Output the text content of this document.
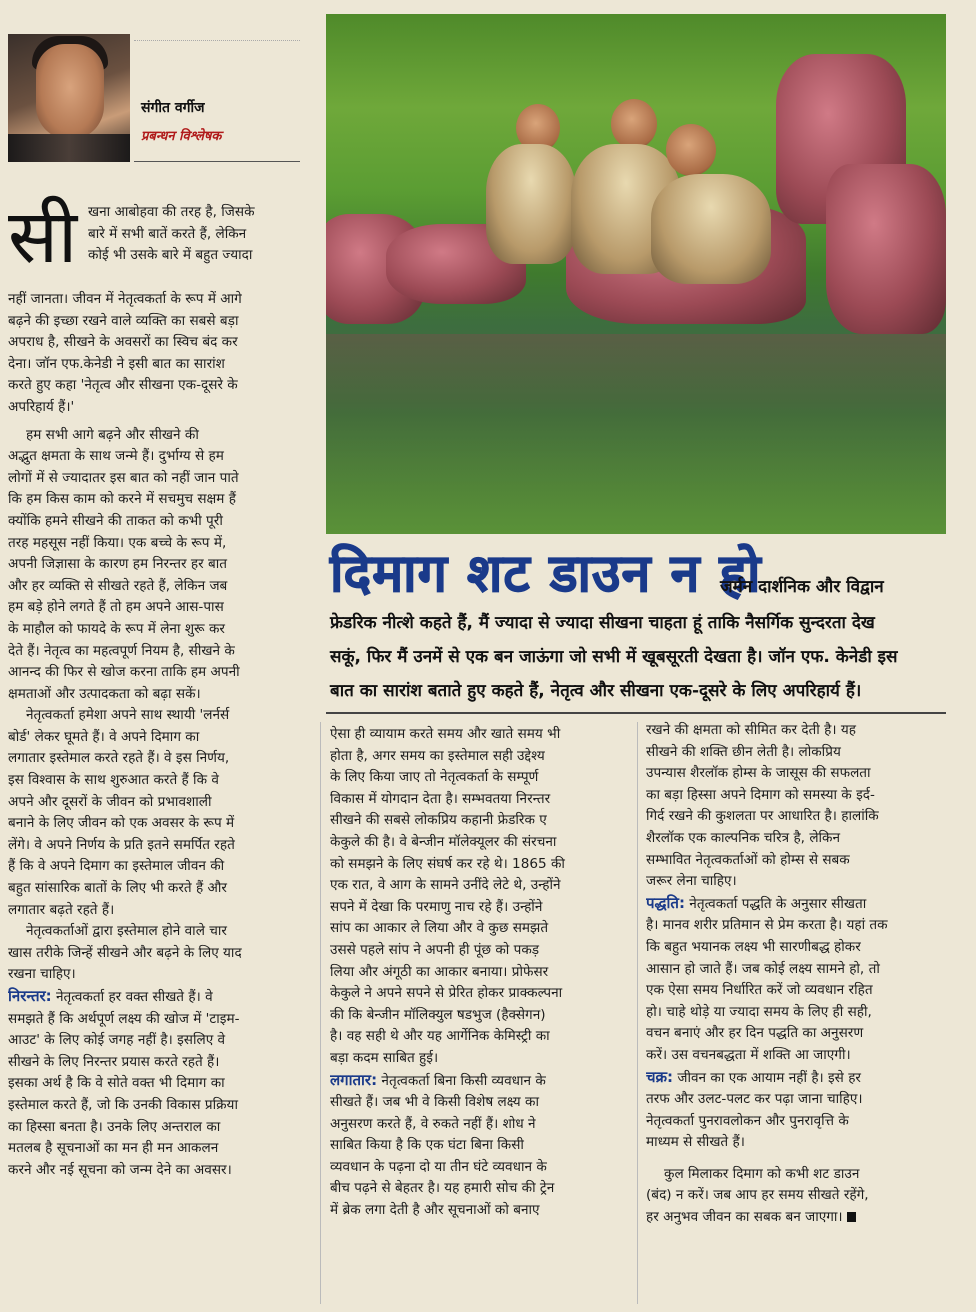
संगीत वर्गीज
प्रबन्धन विश्लेषक
दिमाग शट डाउन न हो
जर्मन दार्शनिक और विद्वान
फ्रेडरिक नीत्शे कहते हैं, मैं ज्यादा से ज्यादा सीखना चाहता हूं ताकि नैसर्गिक सुन्दरता देख
सकूं, फिर मैं उनमें से एक बन जाऊंगा जो सभी में खूबसूरती देखता है। जॉन एफ. केनेडी इस
बात का सारांश बताते हुए कहते हैं, नेतृत्व और सीखना एक-दूसरे के लिए अपरिहार्य हैं।
सी खना आबोहवा की तरह है, जिसके
बारे में सभी बातें करते हैं, लेकिन
कोई भी उसके बारे में बहुत ज्यादा
नहीं जानता। जीवन में नेतृत्वकर्ता के रूप में आगे
बढ़ने की इच्छा रखने वाले व्यक्ति का सबसे बड़ा
अपराध है, सीखने के अवसरों का स्विच बंद कर
देना। जॉन एफ.केनेडी ने इसी बात का सारांश
करते हुए कहा 'नेतृत्व और सीखना एक-दूसरे के
अपरिहार्य हैं।'
हम सभी आगे बढ़ने और सीखने की
अद्भुत क्षमता के साथ जन्मे हैं। दुर्भाग्य से हम
लोगों में से ज्यादातर इस बात को नहीं जान पाते
कि हम किस काम को करने में सचमुच सक्षम हैं
क्योंकि हमने सीखने की ताकत को कभी पूरी
तरह महसूस नहीं किया। एक बच्चे के रूप में,
अपनी जिज्ञासा के कारण हम निरन्तर हर बात
और हर व्यक्ति से सीखते रहते हैं, लेकिन जब
हम बड़े होने लगते हैं तो हम अपने आस-पास
के माहौल को फायदे के रूप में लेना शुरू कर
देते हैं। नेतृत्व का महत्वपूर्ण नियम है, सीखने के
आनन्द की फिर से खोज करना ताकि हम अपनी
क्षमताओं और उत्पादकता को बढ़ा सकें।
नेतृत्वकर्ता हमेशा अपने साथ स्थायी 'लर्नर्स
बोर्ड' लेकर घूमते हैं। वे अपने दिमाग का
लगातार इस्तेमाल करते रहते हैं। वे इस निर्णय,
इस विश्वास के साथ शुरुआत करते हैं कि वे
अपने और दूसरों के जीवन को प्रभावशाली
बनाने के लिए जीवन को एक अवसर के रूप में
लेंगे। वे अपने निर्णय के प्रति इतने समर्पित रहते
हैं कि वे अपने दिमाग का इस्तेमाल जीवन की
बहुत सांसारिक बातों के लिए भी करते हैं और
लगातार बढ़ते रहते हैं।
नेतृत्वकर्ताओं द्वारा इस्तेमाल होने वाले चार
खास तरीके जिन्हें सीखने और बढ़ने के लिए याद
रखना चाहिए।
निरन्तर: नेतृत्वकर्ता हर वक्त सीखते हैं। वे
समझते हैं कि अर्थपूर्ण लक्ष्य की खोज में 'टाइम-
आउट' के लिए कोई जगह नहीं है। इसलिए वे
सीखने के लिए निरन्तर प्रयास करते रहते हैं।
इसका अर्थ है कि वे सोते वक्त भी दिमाग का
इस्तेमाल करते हैं, जो कि उनकी विकास प्रक्रिया
का हिस्सा बनता है। उनके लिए अन्तराल का
मतलब है सूचनाओं का मन ही मन आकलन
करने और नई सूचना को जन्म देने का अवसर।
ऐसा ही व्यायाम करते समय और खाते समय भी
होता है, अगर समय का इस्तेमाल सही उद्देश्य
के लिए किया जाए तो नेतृत्वकर्ता के सम्पूर्ण
विकास में योगदान देता है। सम्भवतया निरन्तर
सीखने की सबसे लोकप्रिय कहानी फ्रेडरिक ए
केकुले की है। वे बेन्जीन मॉलेक्यूलर की संरचना
को समझने के लिए संघर्ष कर रहे थे। 1865 की
एक रात, वे आग के सामने उनींदे लेटे थे, उन्होंने
सपने में देखा कि परमाणु नाच रहे हैं। उन्होंने
सांप का आकार ले लिया और वे कुछ समझते
उससे पहले सांप ने अपनी ही पूंछ को पकड़
लिया और अंगूठी का आकार बनाया। प्रोफेसर
केकुले ने अपने सपने से प्रेरित होकर प्राक्कल्पना
की कि बेन्जीन मॉलिक्युल षडभुज (हैक्सेगन)
है। वह सही थे और यह आर्गेनिक केमिस्ट्री का
बड़ा कदम साबित हुई।
लगातार: नेतृत्वकर्ता बिना किसी व्यवधान के
सीखते हैं। जब भी वे किसी विशेष लक्ष्य का
अनुसरण करते हैं, वे रुकते नहीं हैं। शोध ने
साबित किया है कि एक घंटा बिना किसी
व्यवधान के पढ़ना दो या तीन घंटे व्यवधान के
बीच पढ़ने से बेहतर है। यह हमारी सोच की ट्रेन
में ब्रेक लगा देती है और सूचनाओं को बनाए
रखने की क्षमता को सीमित कर देती है। यह
सीखने की शक्ति छीन लेती है। लोकप्रिय
उपन्यास शैरलॉक होम्स के जासूस की सफलता
का बड़ा हिस्सा अपने दिमाग को समस्या के इर्द-
गिर्द रखने की कुशलता पर आधारित है। हालांकि
शैरलॉक एक काल्पनिक चरित्र है, लेकिन
सम्भावित नेतृत्वकर्ताओं को होम्स से सबक
जरूर लेना चाहिए।
पद्धति: नेतृत्वकर्ता पद्धति के अनुसार सीखता
है। मानव शरीर प्रतिमान से प्रेम करता है। यहां तक
कि बहुत भयानक लक्ष्य भी सारणीबद्ध होकर
आसान हो जाते हैं। जब कोई लक्ष्य सामने हो, तो
एक ऐसा समय निर्धारित करें जो व्यवधान रहित
हो। चाहे थोड़े या ज्यादा समय के लिए ही सही,
वचन बनाएं और हर दिन पद्धति का अनुसरण
करें। उस वचनबद्धता में शक्ति आ जाएगी।
चक्र: जीवन का एक आयाम नहीं है। इसे हर
तरफ और उलट-पलट कर पढ़ा जाना चाहिए।
नेतृत्वकर्ता पुनरावलोकन और पुनरावृत्ति के
माध्यम से सीखते हैं।
कुल मिलाकर दिमाग को कभी शट डाउन
(बंद) न करें। जब आप हर समय सीखते रहेंगे,
हर अनुभव जीवन का सबक बन जाएगा।
